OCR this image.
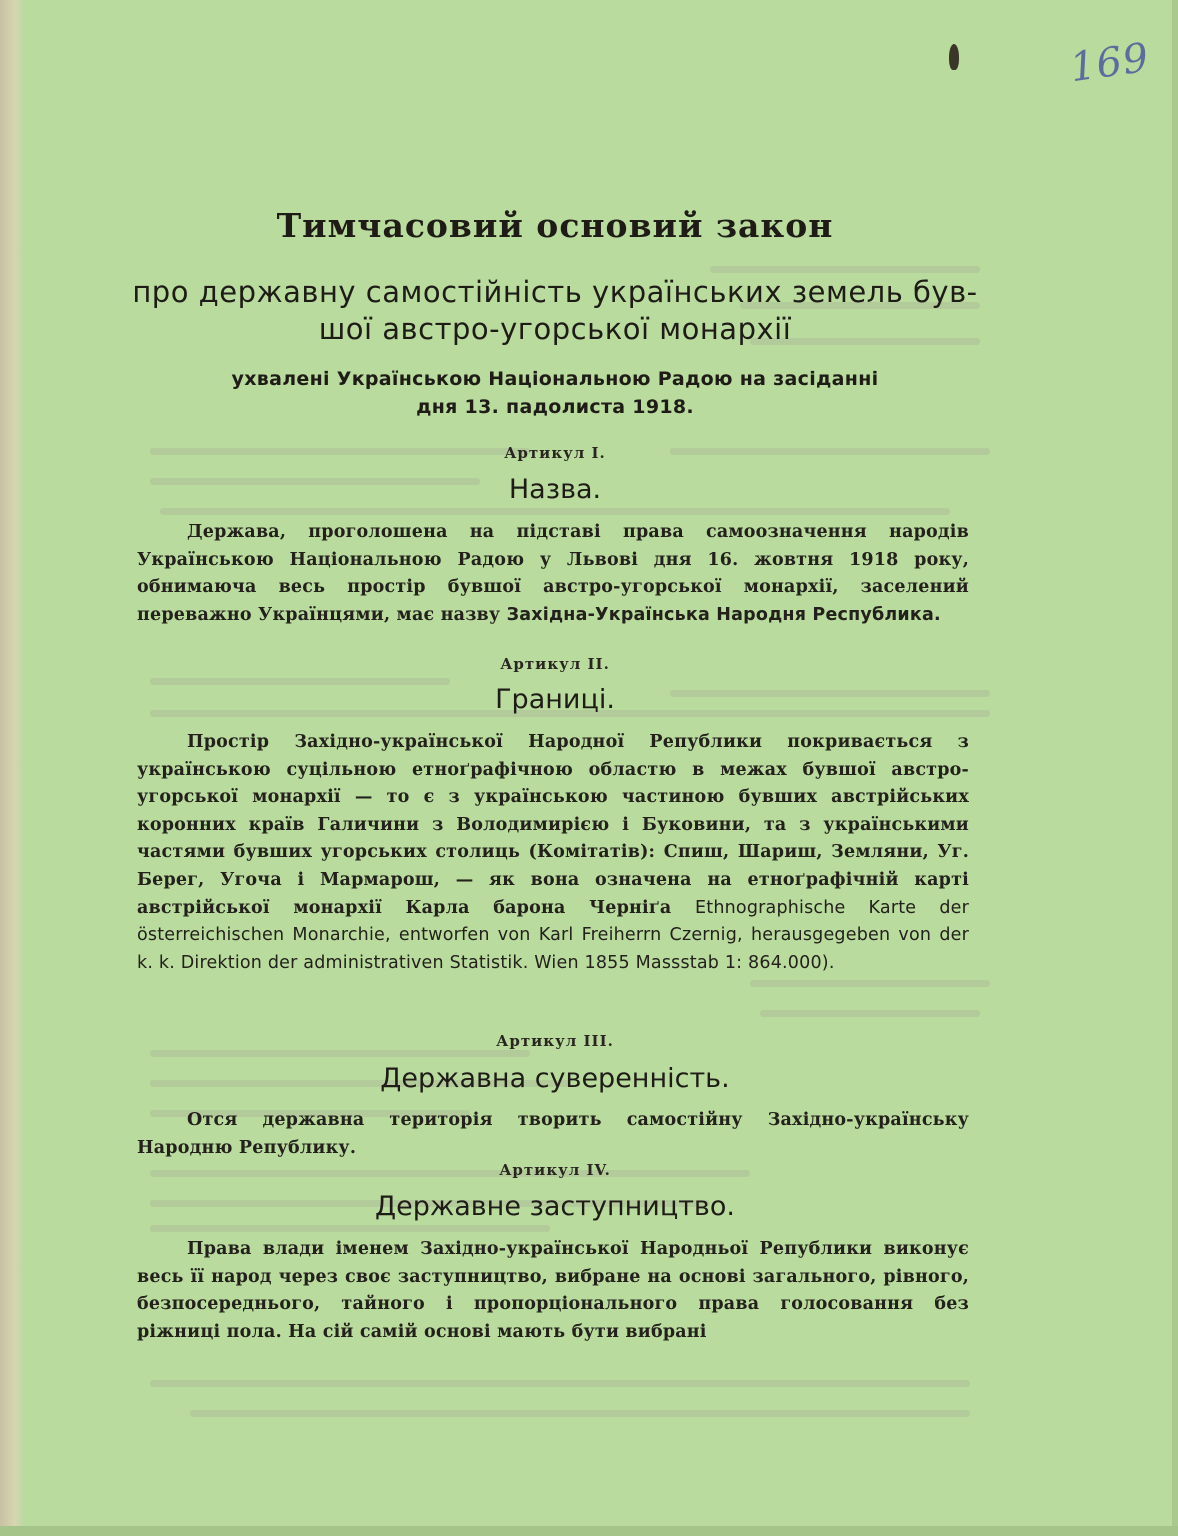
169
Тимчасовий основий закон
про державну самостійність українських земель був-
шої австро-угорської монархії
ухвалені Українською Національною Радою на засіданні
дня 13. падолиста 1918.
Артикул I.
Назва.
Держава, проголошена на підставі права самоозначення народів Українською Національною Радою у Львові дня 16. жовтня 1918 року, обнимаюча весь простір бувшої австро-угорської монархії, заселений переважно Українцями, має назву Західна-Українська Народня Республика.
Артикул II.
Границі.
Простір Західно-української Народної Републики покривається з українською суцільною етноґрафічною областю в межах бувшої австро-угорської монархії — то є з українською частиною бувших австрійських коронних країв Галичини з Володимирією і Буковини, та з українськими частями бувших угорських столиць (Комітатів): Спиш, Шариш, Земляни, Уг. Берег, Угоча і Мармарош, — як вона означена на етноґрафічній карті австрійської монархії Карла барона Черніґа Ethnographische Karte der österreichischen Monarchie, entworfen von Karl Freiherrn Czernig, herausgegeben von der k. k. Direktion der administrativen Statistik. Wien 1855 Massstab 1: 864.000).
Артикул III.
Державна суверенність.
Отся державна територія творить самостійну Західно-українську Народню Републику.
Артикул IV.
Державне заступництво.
Права влади іменем Західно-української Народньої Републики виконує весь її народ через своє заступництво, вибране на основі загального, рівного, безпосереднього, тайного і пропорціонального права голосовання без ріжниці пола. На сій самій основі мають бути вибрані
